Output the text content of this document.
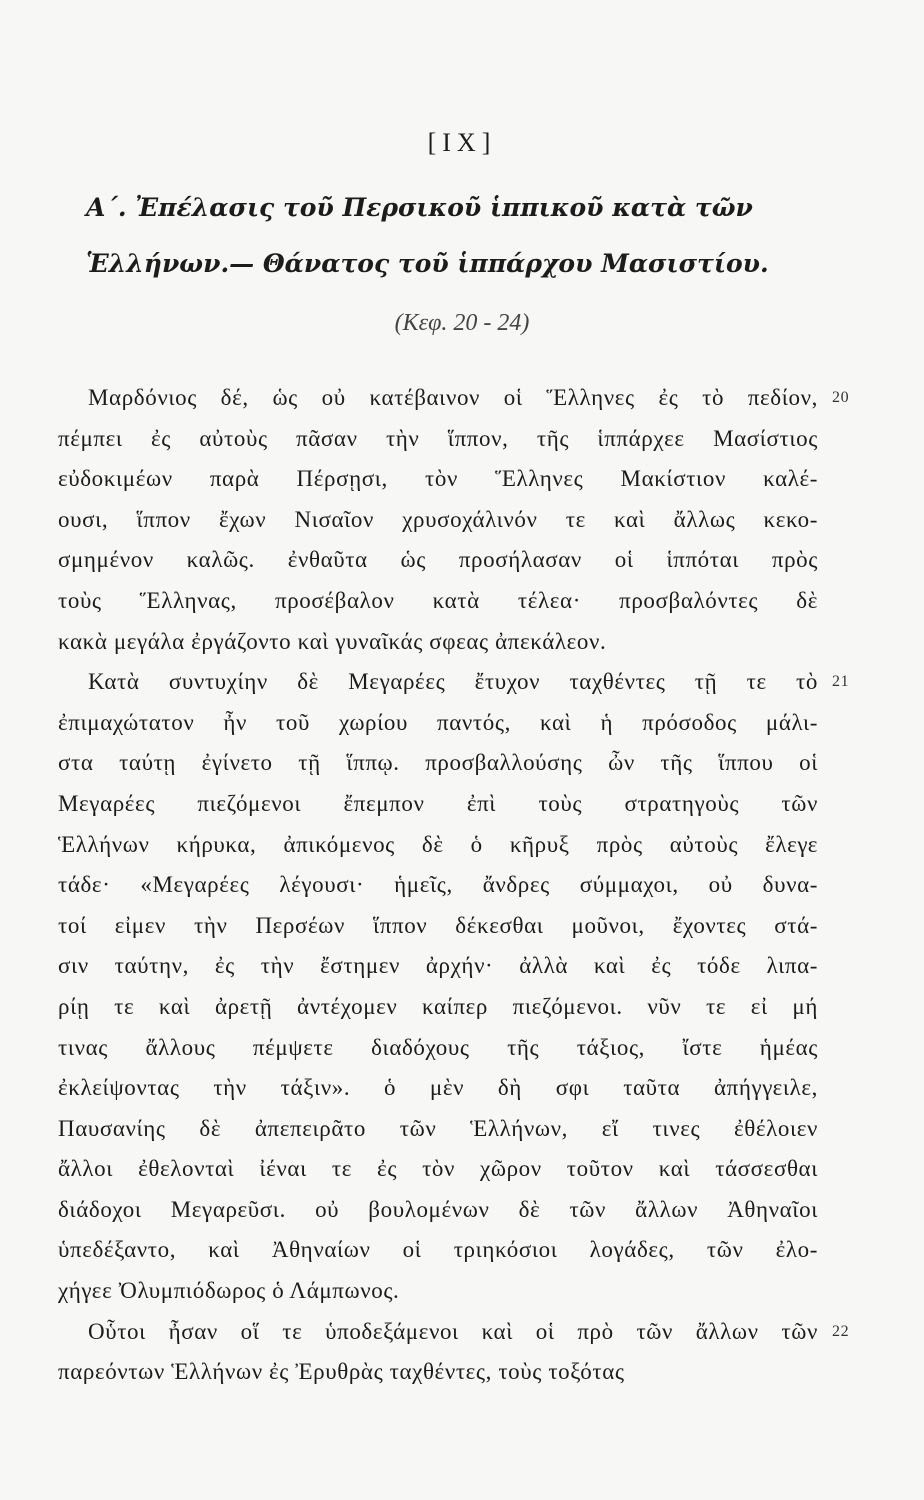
[IX]
Α΄. Ἐπέλασις τοῦ Περσικοῦ ἱππικοῦ κατὰ τῶν
Ἑλλήνων.— Θάνατος τοῦ ἱππάρχου Μασιστίου.
(Κεφ. 20 - 24)
Μαρδόνιος δέ, ὡς οὐ κατέβαινον οἱ Ἕλληνες ἐς τὸ πεδίον, 20
πέμπει ἐς αὐτοὺς πᾶσαν τὴν ἵππον, τῆς ἱππάρχεε Μασίστιος
εὐδοκιμέων παρὰ Πέρσῃσι, τὸν Ἕλληνες Μακίστιον καλέ-
ουσι, ἵππον ἔχων Νισαῖον χρυσοχάλινόν τε καὶ ἄλλως κεκο-
σμημένον καλῶς. ἐνθαῦτα ὡς προσήλασαν οἱ ἱππόται πρὸς
τοὺς Ἕλληνας, προσέβαλον κατὰ τέλεα· προσβαλόντες δὲ
κακὰ μεγάλα ἐργάζοντο καὶ γυναῖκάς σφεας ἀπεκάλεον.
Κατὰ συντυχίην δὲ Μεγαρέες ἔτυχον ταχθέντες τῇ τε τὸ 21
ἐπιμαχώτατον ἦν τοῦ χωρίου παντός, καὶ ἡ πρόσοδος μάλι-
στα ταύτῃ ἐγίνετο τῇ ἵππῳ. προσβαλλούσης ὦν τῆς ἵππου οἱ
Μεγαρέες πιεζόμενοι ἔπεμπον ἐπὶ τοὺς στρατηγοὺς τῶν
Ἑλλήνων κήρυκα, ἀπικόμενος δὲ ὁ κῆρυξ πρὸς αὐτοὺς ἔλεγε
τάδε· «Μεγαρέες λέγουσι· ἡμεῖς, ἄνδρες σύμμαχοι, οὐ δυνα-
τοί εἰμεν τὴν Περσέων ἵππον δέκεσθαι μοῦνοι, ἔχοντες στά-
σιν ταύτην, ἐς τὴν ἔστημεν ἀρχήν· ἀλλὰ καὶ ἐς τόδε λιπα-
ρίῃ τε καὶ ἀρετῇ ἀντέχομεν καίπερ πιεζόμενοι. νῦν τε εἰ μή
τινας ἄλλους πέμψετε διαδόχους τῆς τάξιος, ἴστε ἡμέας
ἐκλείψοντας τὴν τάξιν». ὁ μὲν δὴ σφι ταῦτα ἀπήγγειλε,
Παυσανίης δὲ ἀπεπειρᾶτο τῶν Ἑλλήνων, εἴ τινες ἐθέλοιεν
ἄλλοι ἐθελονταὶ ἰέναι τε ἐς τὸν χῶρον τοῦτον καὶ τάσσεσθαι
διάδοχοι Μεγαρεῦσι. οὐ βουλομένων δὲ τῶν ἄλλων Ἀθηναῖοι
ὑπεδέξαντο, καὶ Ἀθηναίων οἱ τριηκόσιοι λογάδες, τῶν ἐλο-
χήγεε Ὀλυμπιόδωρος ὁ Λάμπωνος.
Οὗτοι ἦσαν οἵ τε ὑποδεξάμενοι καὶ οἱ πρὸ τῶν ἄλλων τῶν 22
παρεόντων Ἑλλήνων ἐς Ἐρυθρὰς ταχθέντες, τοὺς τοξότας
